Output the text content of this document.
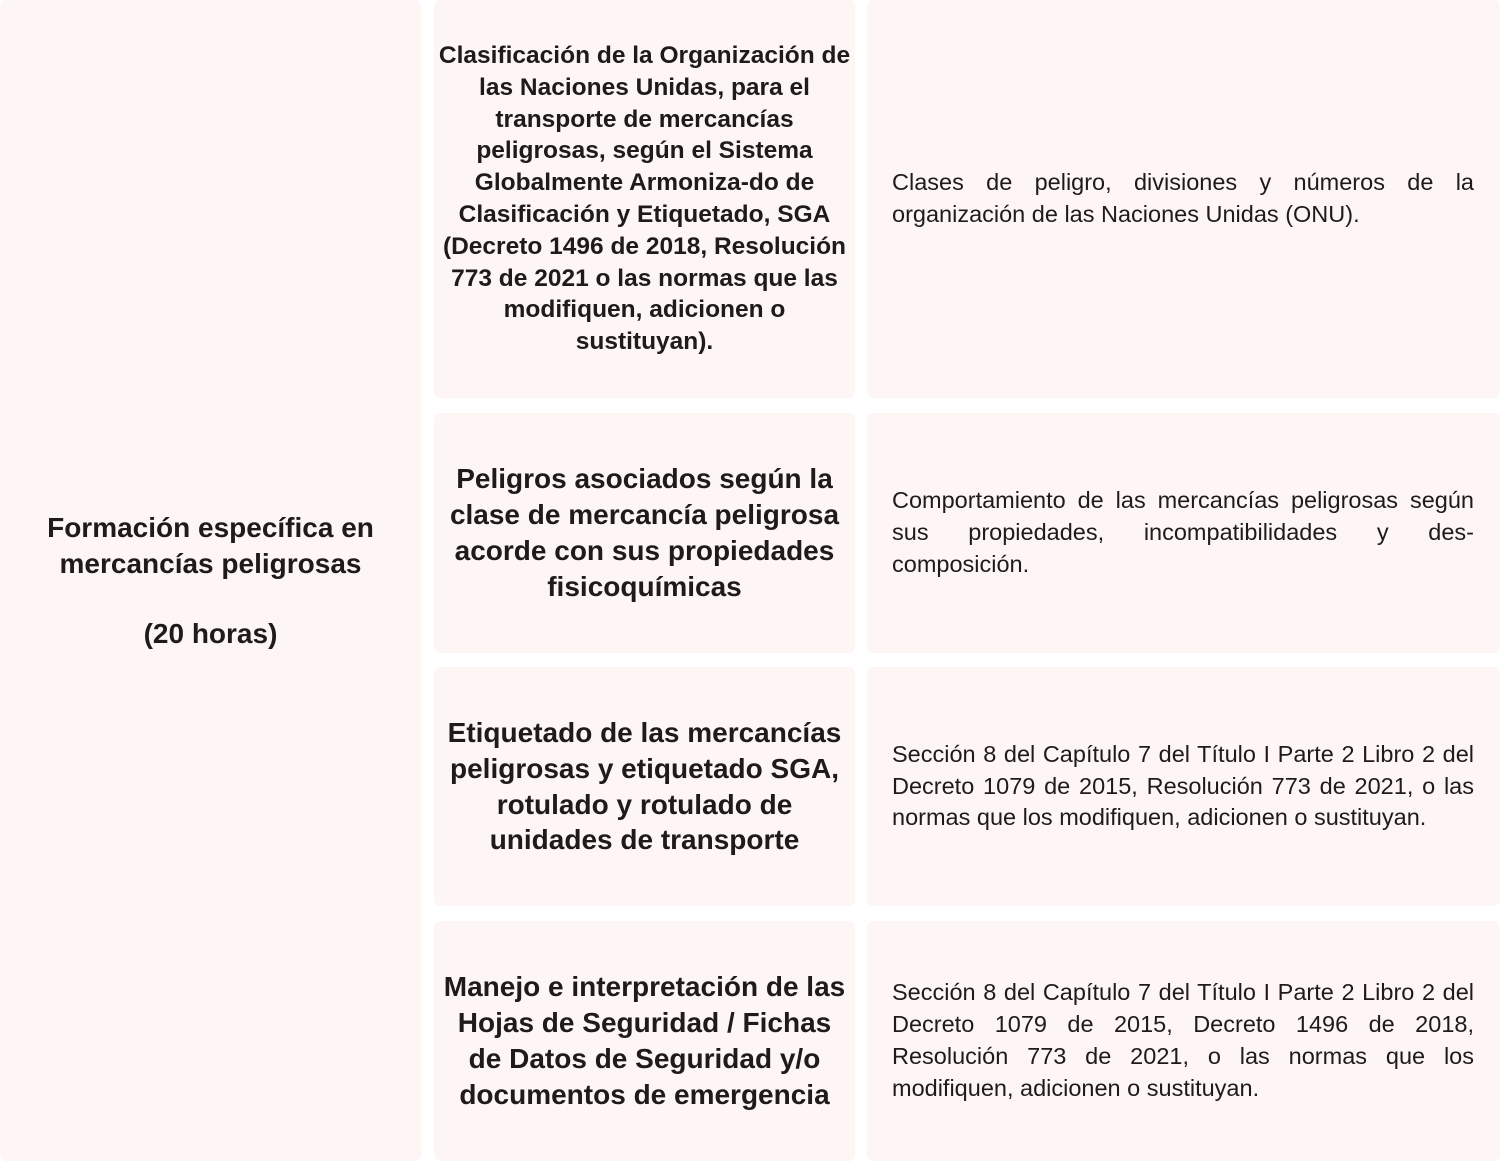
Formación específica en mercancías peligrosas
(20 horas)
Clasificación de la Organización de las Naciones Unidas, para el transporte de mercancías peligrosas, según el Sistema Globalmente Armoniza-do de Clasificación y Etiquetado, SGA (Decreto 1496 de 2018, Resolución 773 de 2021 o las normas que las modifiquen, adicionen o sustituyan).
Clases de peligro, divisiones y números de la organización de las Naciones Unidas (ONU).
Peligros asociados según la clase de mercancía peligrosa acorde con sus propiedades fisicoquímicas
Comportamiento de las mercancías peligrosas según sus propiedades, incompatibilidades y des-composición.
Etiquetado de las mercancías peligrosas y etiquetado SGA, rotulado y rotulado de unidades de transporte
Sección 8 del Capítulo 7 del Título I Parte 2 Libro 2 del Decreto 1079 de 2015, Resolución 773 de 2021, o las normas que los modifiquen, adicionen o sustituyan.
Manejo e interpretación de las Hojas de Seguridad / Fichas de Datos de Seguridad y/o documentos de emergencia
Sección 8 del Capítulo 7 del Título I Parte 2 Libro 2 del Decreto 1079 de 2015, Decreto 1496 de 2018, Resolución 773 de 2021, o las normas que los modifiquen, adicionen o sustituyan.
